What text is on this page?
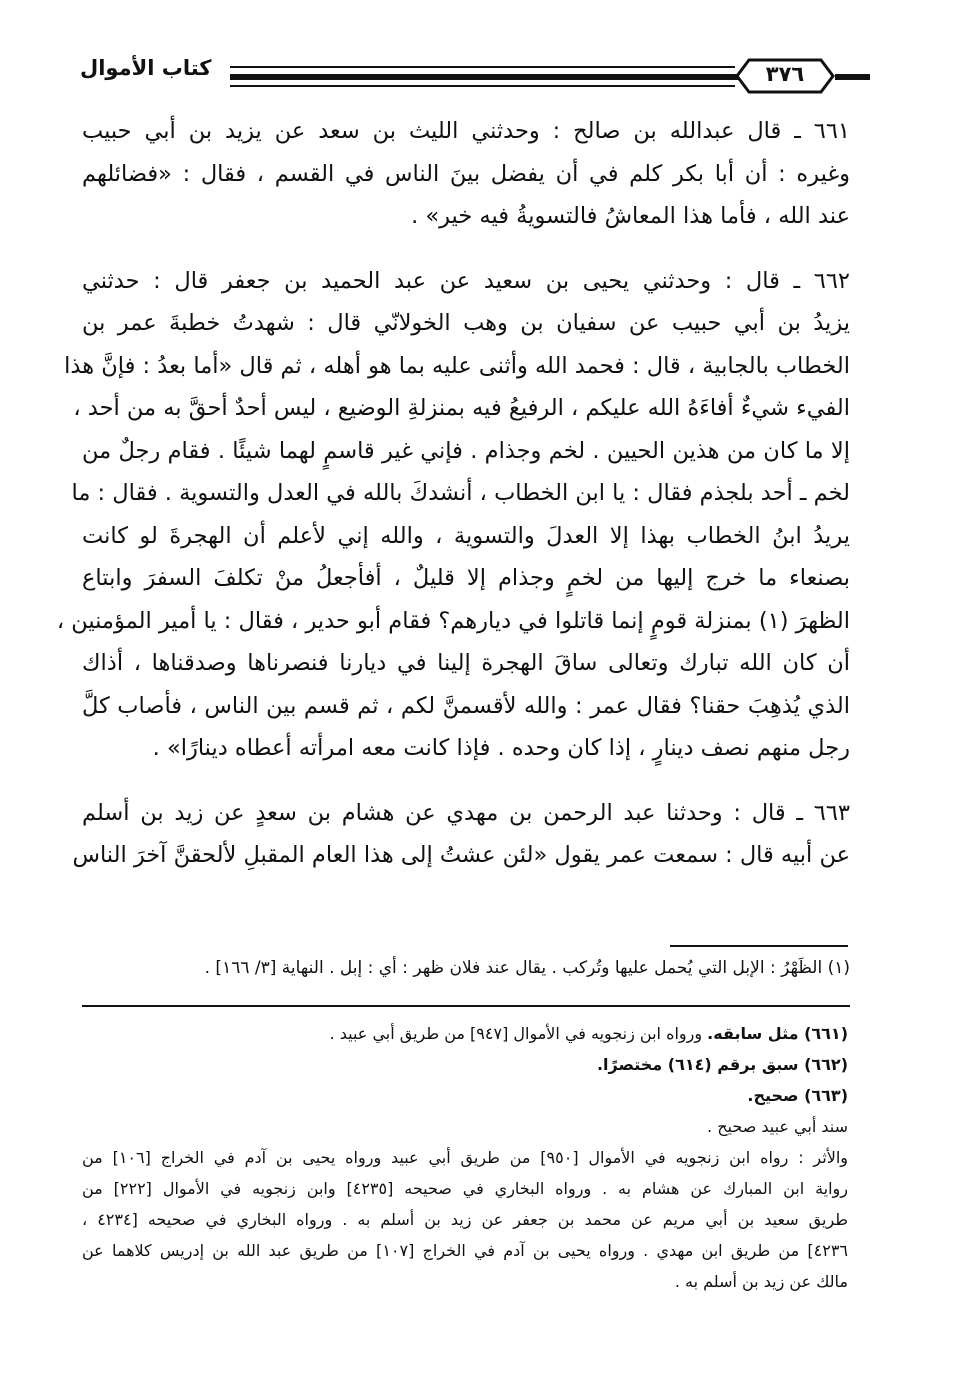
كتاب الأموال	٣٧٦

٦٦١ ـ قال عبدالله بن صالح : وحدثني الليث بن سعد عن يزيد بن أبي حبيب
وغيره : أن أبا بكر كلم في أن يفضل بينَ الناس في القسم ، فقال : «فضائلهم
عند الله ، فأما هذا المعاشُ فالتسويةُ فيه خير» .

٦٦٢ ـ قال : وحدثني يحيى بن سعيد عن عبد الحميد بن جعفر قال : حدثني
يزيدُ بن أبي حبيب عن سفيان بن وهب الخولانّي قال : شهدتُ خطبةَ عمر بن
الخطاب بالجابية ، قال : فحمد الله وأثنى عليه بما هو أهله ، ثم قال «أما بعدُ : فإنَّ هذا
الفيء شيءٌ أفاءَهُ الله عليكم ، الرفيعُ فيه بمنزلةِ الوضيع ، ليس أحدٌ أحقَّ به من أحد ،
إلا ما كان من هذين الحيين . لخم وجذام . فإني غير قاسمٍ لهما شيئًا . فقام رجلٌ من
لخم ـ أحد بلجذم فقال : يا ابن الخطاب ، أنشدكَ بالله في العدل والتسوية . فقال : ما
يريدُ ابنُ الخطاب بهذا إلا العدلَ والتسوية ، والله إني لأعلم أن الهجرةَ لو كانت
بصنعاء ما خرج إليها من لخمٍ وجذام إلا قليلٌ ، أفأجعلُ منْ تكلفَ السفرَ وابتاع
الظهرَ (١) بمنزلة قومٍ إنما قاتلوا في ديارهم؟ فقام أبو حدير ، فقال : يا أمير المؤمنين ،
أن كان الله تبارك وتعالى ساقَ الهجرة إلينا في ديارنا فنصرناها وصدقناها ، أذاك
الذي يُذهِبَ حقنا؟ فقال عمر : والله لأقسمنَّ لكم ، ثم قسم بين الناس ، فأصاب كلَّ
رجل منهم نصف دينارٍ ، إذا كان وحده . فإذا كانت معه امرأته أعطاه دينارًا» .

٦٦٣ ـ قال : وحدثنا عبد الرحمن بن مهدي عن هشام بن سعدٍ عن زيد بن أسلم
عن أبيه قال : سمعت عمر يقول «لئن عشتُ إلى هذا العام المقبلِ لألحقنَّ آخرَ الناس

(١) الظَهْرُ : الإبل التي يُحمل عليها وتُركب . يقال عند فلان ظهر : أي : إبل . النهاية [٣/ ١٦٦] .
(٦٦١) مثل سابقه. ورواه ابن زنجويه في الأموال [٩٤٧] من طريق أبي عبيد .
(٦٦٢) سبق برقم (٦١٤) مختصرًا.
(٦٦٣) صحيح.
سند أبي عبيد صحيح .
والأثر : رواه ابن زنجويه في الأموال [٩٥٠] من طريق أبي عبيد ورواه يحيى بن آدم في الخراج [١٠٦] من
رواية ابن المبارك عن هشام به . ورواه البخاري في صحيحه [٤٢٣٥] وابن زنجويه في الأموال [٢٢٢] من
طريق سعيد بن أبي مريم عن محمد بن جعفر عن زيد بن أسلم به . ورواه البخاري في صحيحه [٤٢٣٤ ،
٤٢٣٦] من طريق ابن مهدي . ورواه يحيى بن آدم في الخراج [١٠٧] من طريق عبد الله بن إدريس كلاهما عن
مالك عن زيد بن أسلم به .
